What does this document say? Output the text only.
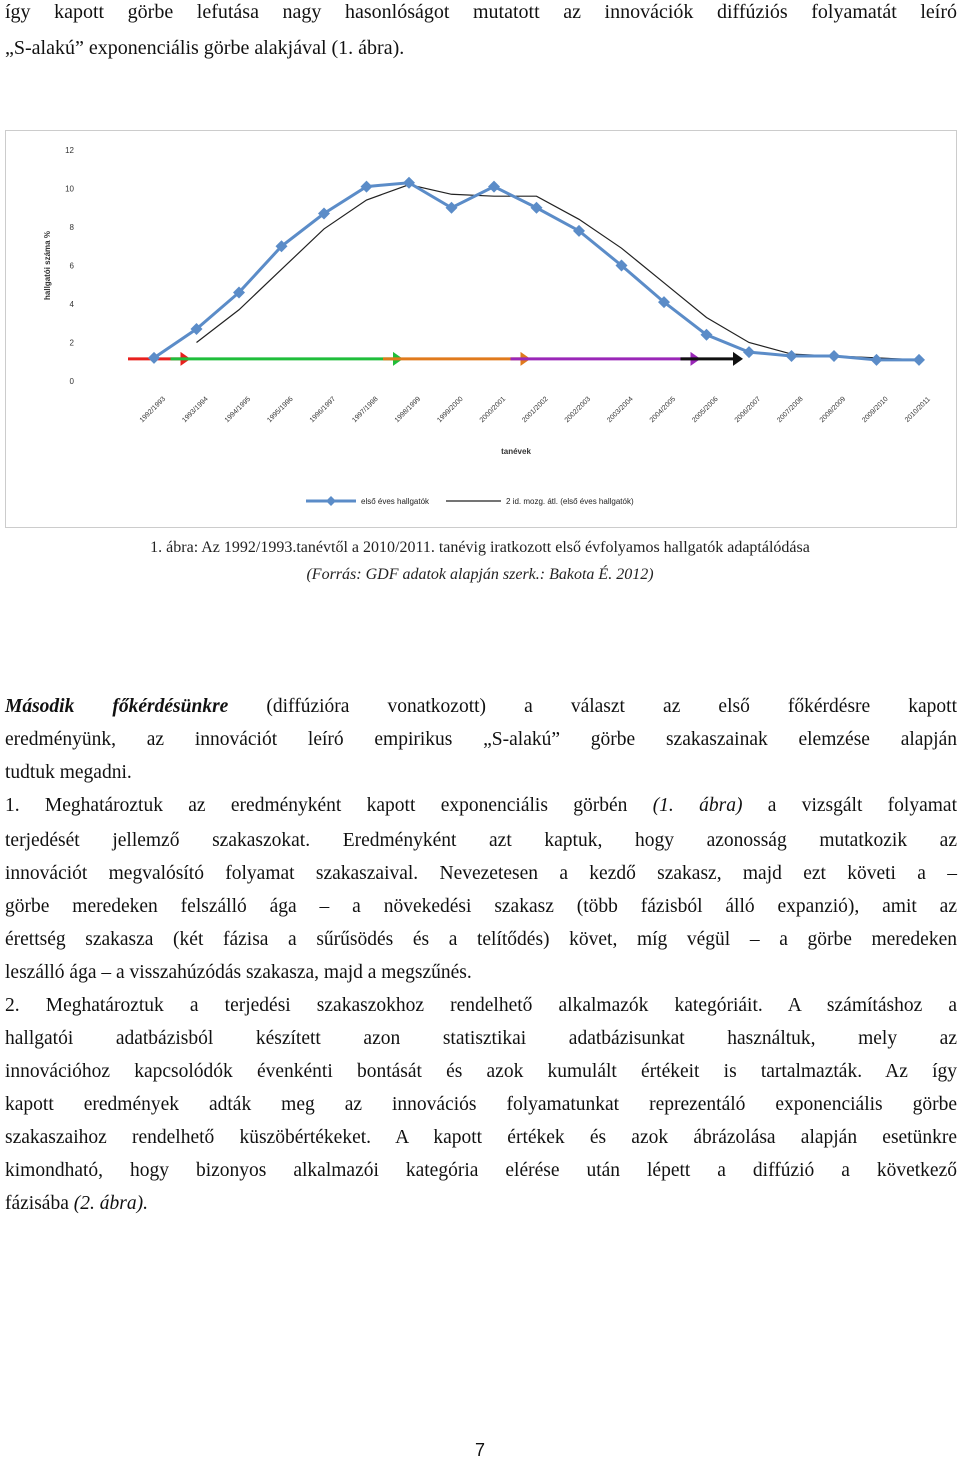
így kapott görbe lefutása nagy hasonlóságot mutatott az innovációk diffúziós folyamatát leíró
„S-alakú” exponenciális görbe alakjával (1. ábra).
0
2
4
6
8
10
12
hallgatói száma %
1992/1993 1993/1994 1994/1995 1995/1996 1996/1997 1997/1998 1998/1999 1999/2000 2000/2001 2001/2002 2002/2003 2003/2004 2004/2005 2005/2006 2006/2007 2007/2008 2008/2009 2009/2010 2010/2011
tanévek
első éves hallgatók	2 id. mozg. átl. (első éves hallgatók)
1. ábra: Az 1992/1993.tanévtől a 2010/2011. tanévig iratkozott első évfolyamos hallgatók adaptálódása
(Forrás: GDF adatok alapján szerk.: Bakota É. 2012)
Második főkérdésünkre (diffúzióra vonatkozott) a választ az első főkérdésre kapott
eredményünk, az innovációt leíró empirikus „S-alakú” görbe szakaszainak elemzése alapján
tudtuk megadni.
1. Meghatároztuk az eredményként kapott exponenciális görbén (1. ábra) a vizsgált folyamat
terjedését jellemző szakaszokat. Eredményként azt kaptuk, hogy azonosság mutatkozik az
innovációt megvalósító folyamat szakaszaival. Nevezetesen a kezdő szakasz, majd ezt követi a –
görbe meredeken felszálló ága – a növekedési szakasz (több fázisból álló expanzió), amit az
érettség szakasza (két fázisa a sűrűsödés és a telítődés) követ, míg végül – a görbe meredeken
leszálló ága – a visszahúzódás szakasza, majd a megszűnés.
2. Meghatároztuk a terjedési szakaszokhoz rendelhető alkalmazók kategóriáit. A számításhoz a
hallgatói adatbázisból készített azon statisztikai adatbázisunkat használtuk, mely az
innovációhoz kapcsolódók évenkénti bontását és azok kumulált értékeit is tartalmazták. Az így
kapott eredmények adták meg az innovációs folyamatunkat reprezentáló exponenciális görbe
szakaszaihoz rendelhető küszöbértékeket. A kapott értékek és azok ábrázolása alapján esetünkre
kimondható, hogy bizonyos alkalmazói kategória elérése után lépett a diffúzió a következő
fázisába (2. ábra).
7
